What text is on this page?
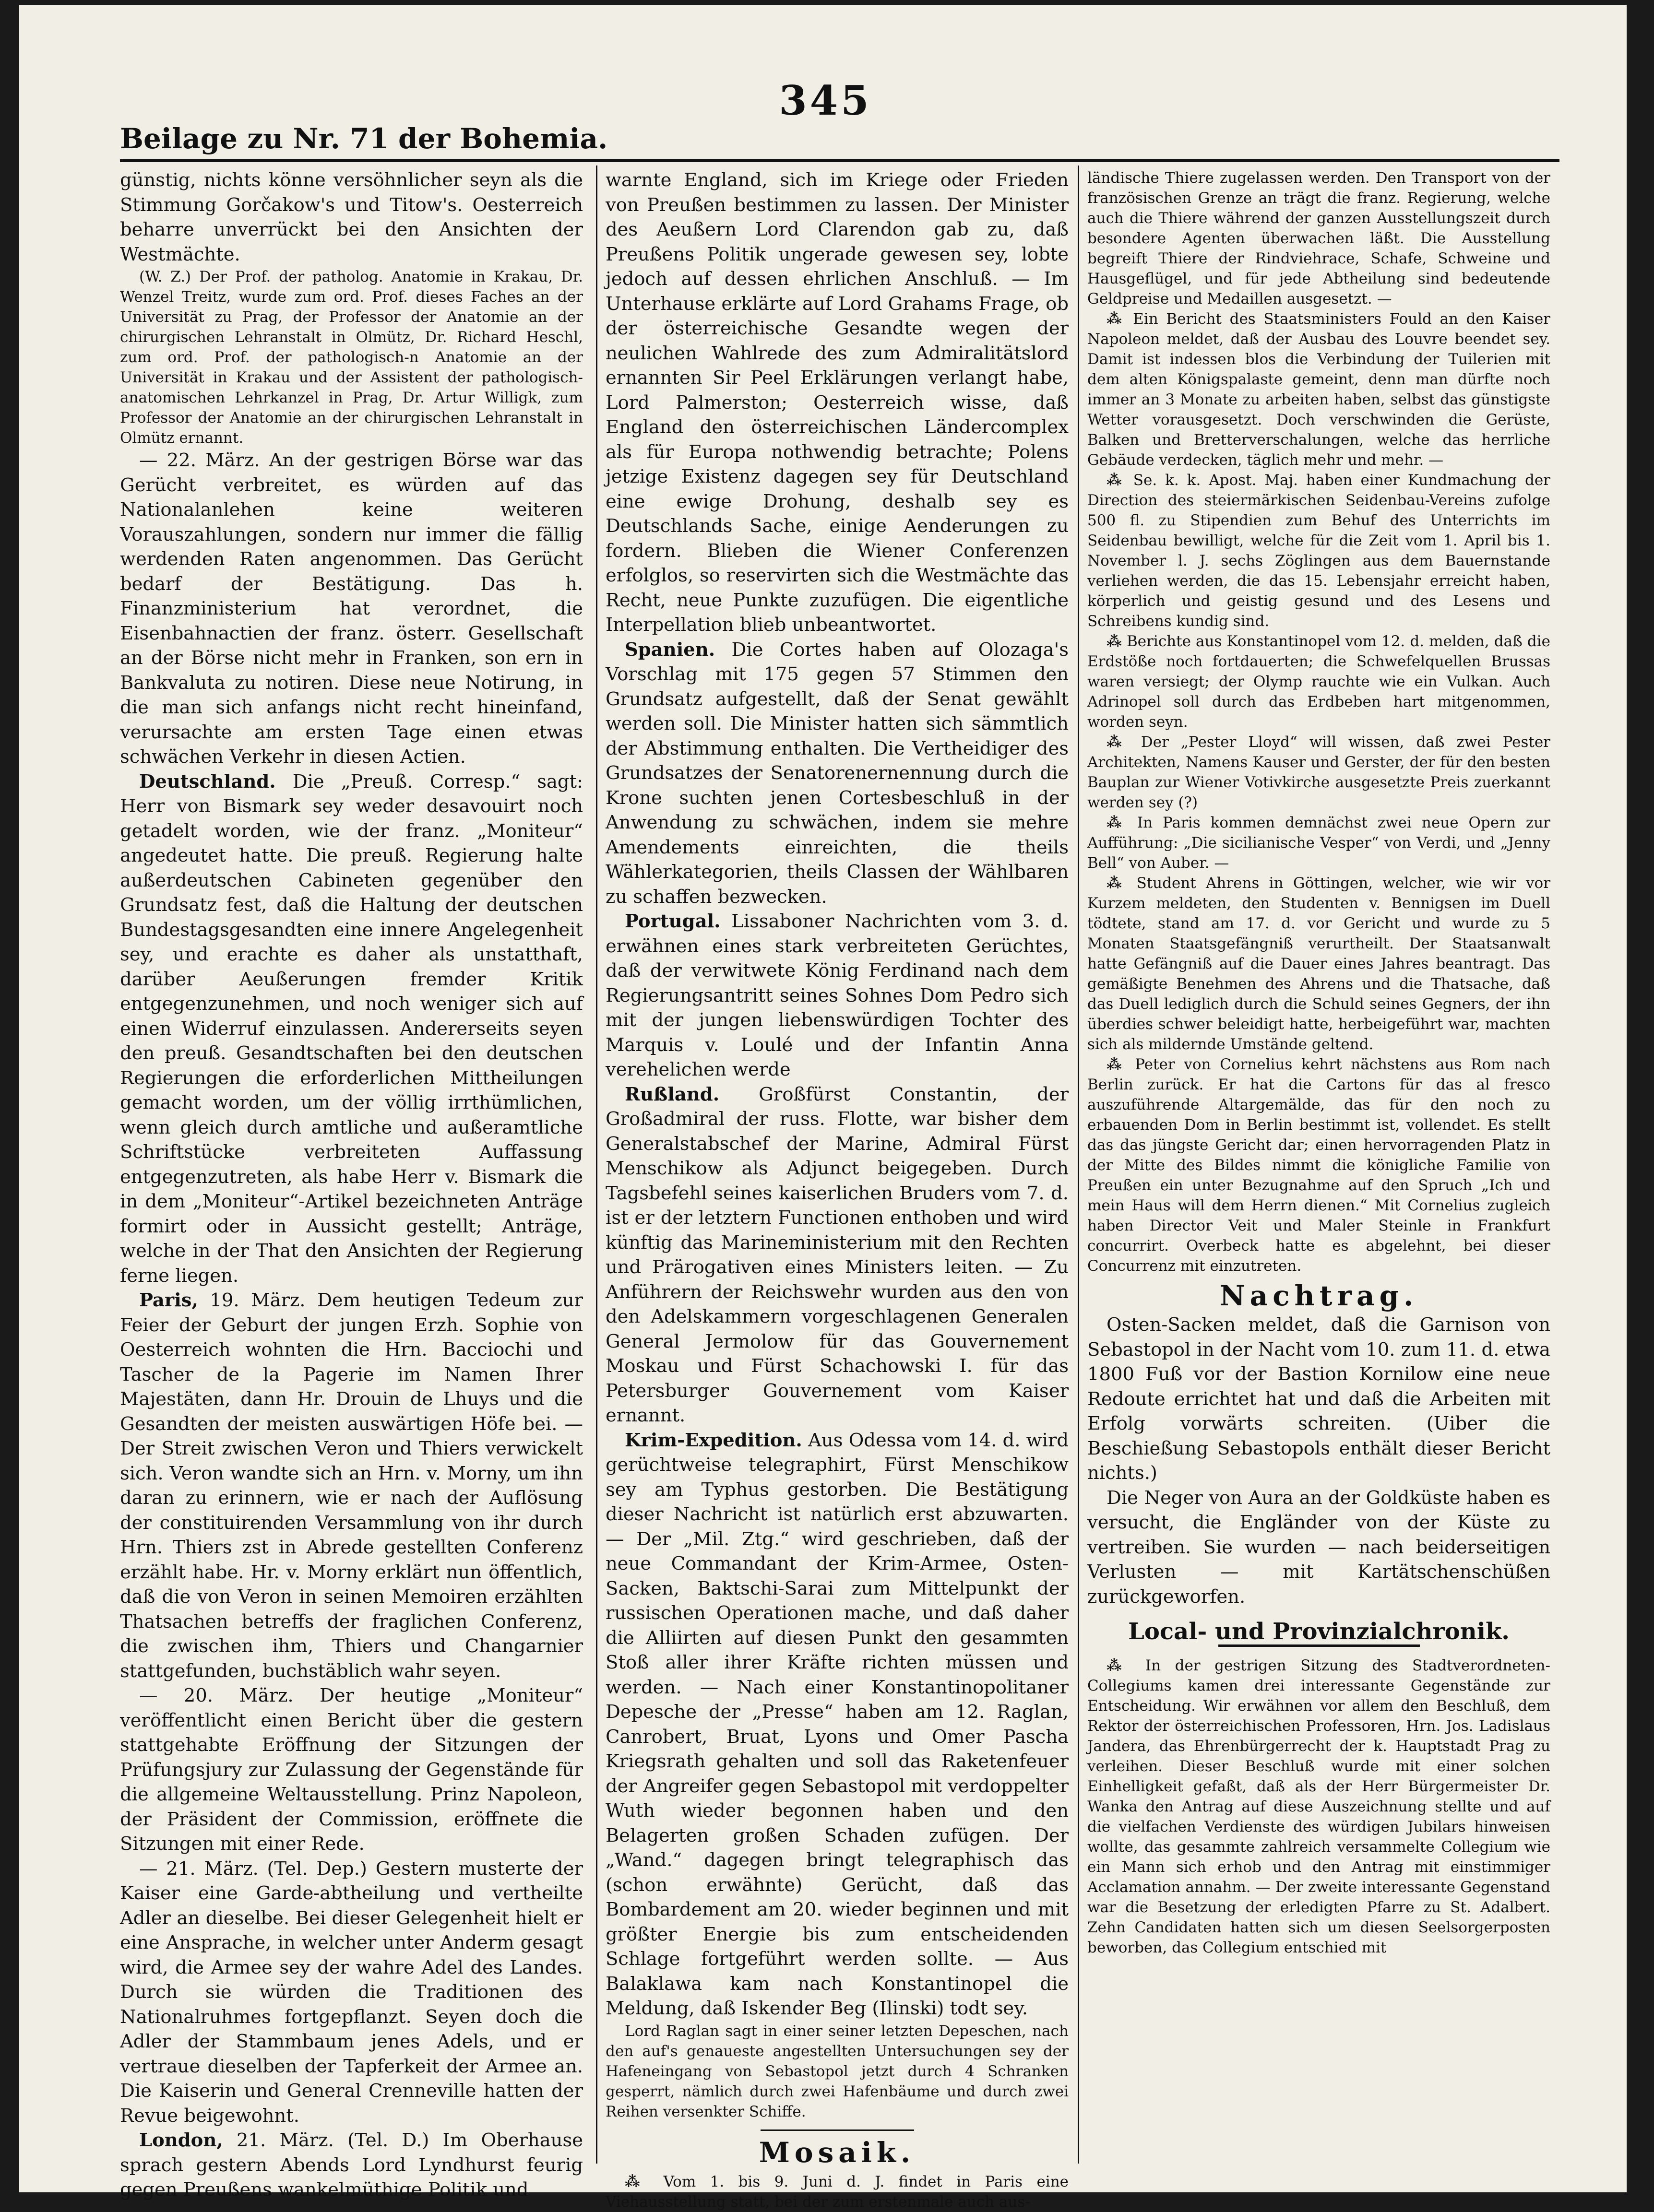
345
Beilage zu Nr. 71 der Bohemia.

günstig, nichts könne versöhnlicher seyn als die Stimmung Gorčakow's und Titow's. Oesterreich beharre unverrückt bei den Ansichten der Westmächte.

(W. Z.) Der Prof. der patholog. Anatomie in Krakau, Dr. Wenzel Treitz, wurde zum ord. Prof. dieses Faches an der Universität zu Prag, der Professor der Anatomie an der chirurgischen Lehranstalt in Olmütz, Dr. Richard Heschl, zum ord. Prof. der pathologisch-n Anatomie an der Universität in Krakau und der Assistent der pathologisch-anatomischen Lehrkanzel in Prag, Dr. Artur Willigk, zum Professor der Anatomie an der chirurgischen Lehranstalt in Olmütz ernannt.

— 22. März. An der gestrigen Börse war das Gerücht verbreitet, es würden auf das Nationalanlehen keine weiteren Vorauszahlungen, sondern nur immer die fällig werdenden Raten angenommen. Das Gerücht bedarf der Bestätigung. Das h. Finanzministerium hat verordnet, die Eisenbahnactien der franz. österr. Gesellschaft an der Börse nicht mehr in Franken, son ern in Bankvaluta zu notiren. Diese neue Notirung, in die man sich anfangs nicht recht hineinfand, verursachte am ersten Tage einen etwas schwächen Verkehr in diesen Actien.

Deutschland. Die „Preuß. Corresp.“ sagt: Herr von Bismark sey weder desavouirt noch getadelt worden, wie der franz. „Moniteur“ angedeutet hatte. Die preuß. Regierung halte außerdeutschen Cabineten gegenüber den Grundsatz fest, daß die Haltung der deutschen Bundestagsgesandten eine innere Angelegenheit sey, und erachte es daher als unstatthaft, darüber Aeußerungen fremder Kritik entgegenzunehmen, und noch weniger sich auf einen Widerruf einzulassen. Andererseits seyen den preuß. Gesandtschaften bei den deutschen Regierungen die erforderlichen Mittheilungen gemacht worden, um der völlig irrthümlichen, wenn gleich durch amtliche und außeramtliche Schriftstücke verbreiteten Auffassung entgegenzutreten, als habe Herr v. Bismark die in dem „Moniteur“-Artikel bezeichneten Anträge formirt oder in Aussicht gestellt; Anträge, welche in der That den Ansichten der Regierung ferne liegen.

Paris, 19. März. Dem heutigen Tedeum zur Feier der Geburt der jungen Erzh. Sophie von Oesterreich wohnten die Hrn. Bacciochi und Tascher de la Pagerie im Namen Ihrer Majestäten, dann Hr. Drouin de Lhuys und die Gesandten der meisten auswärtigen Höfe bei. — Der Streit zwischen Veron und Thiers verwickelt sich. Veron wandte sich an Hrn. v. Morny, um ihn daran zu erinnern, wie er nach der Auflösung der constituirenden Versammlung von ihr durch Hrn. Thiers zst in Abrede gestellten Conferenz erzählt habe. Hr. v. Morny erklärt nun öffentlich, daß die von Veron in seinen Memoiren erzählten Thatsachen betreffs der fraglichen Conferenz, die zwischen ihm, Thiers und Changarnier stattgefunden, buchstäblich wahr seyen.

— 20. März. Der heutige „Moniteur“ veröffentlicht einen Bericht über die gestern stattgehabte Eröffnung der Sitzungen der Prüfungsjury zur Zulassung der Gegenstände für die allgemeine Weltausstellung. Prinz Napoleon, der Präsident der Commission, eröffnete die Sitzungen mit einer Rede.

— 21. März. (Tel. Dep.) Gestern musterte der Kaiser eine Garde-abtheilung und vertheilte Adler an dieselbe. Bei dieser Gelegenheit hielt er eine Ansprache, in welcher unter Anderm gesagt wird, die Armee sey der wahre Adel des Landes. Durch sie würden die Traditionen des Nationalruhmes fortgepflanzt. Seyen doch die Adler der Stammbaum jenes Adels, und er vertraue dieselben der Tapferkeit der Armee an. Die Kaiserin und General Crenneville hatten der Revue beigewohnt.

London, 21. März. (Tel. D.) Im Oberhause sprach gestern Abends Lord Lyndhurst feurig gegen Preußens wankelmüthige Politik und

warnte England, sich im Kriege oder Frieden von Preußen bestimmen zu lassen. Der Minister des Aeußern Lord Clarendon gab zu, daß Preußens Politik ungerade gewesen sey, lobte jedoch auf dessen ehrlichen Anschluß. — Im Unterhause erklärte auf Lord Grahams Frage, ob der österreichische Gesandte wegen der neulichen Wahlrede des zum Admiralitätslord ernannten Sir Peel Erklärungen verlangt habe, Lord Palmerston; Oesterreich wisse, daß England den österreichischen Ländercomplex als für Europa nothwendig betrachte; Polens jetzige Existenz dagegen sey für Deutschland eine ewige Drohung, deshalb sey es Deutschlands Sache, einige Aenderungen zu fordern. Blieben die Wiener Conferenzen erfolglos, so reservirten sich die Westmächte das Recht, neue Punkte zuzufügen. Die eigentliche Interpellation blieb unbeantwortet.

Spanien. Die Cortes haben auf Olozaga's Vorschlag mit 175 gegen 57 Stimmen den Grundsatz aufgestellt, daß der Senat gewählt werden soll. Die Minister hatten sich sämmtlich der Abstimmung enthalten. Die Vertheidiger des Grundsatzes der Senatorenernennung durch die Krone suchten jenen Cortesbeschluß in der Anwendung zu schwächen, indem sie mehre Amendements einreichten, die theils Wählerkategorien, theils Classen der Wählbaren zu schaffen bezwecken.

Portugal. Lissaboner Nachrichten vom 3. d. erwähnen eines stark verbreiteten Gerüchtes, daß der verwitwete König Ferdinand nach dem Regierungsantritt seines Sohnes Dom Pedro sich mit der jungen liebenswürdigen Tochter des Marquis v. Loulé und der Infantin Anna verehelichen werde

Rußland. Großfürst Constantin, der Großadmiral der russ. Flotte, war bisher dem Generalstabschef der Marine, Admiral Fürst Menschikow als Adjunct beigegeben. Durch Tagsbefehl seines kaiserlichen Bruders vom 7. d. ist er der letztern Functionen enthoben und wird künftig das Marineministerium mit den Rechten und Prärogativen eines Ministers leiten. — Zu Anführern der Reichswehr wurden aus den von den Adelskammern vorgeschlagenen Generalen General Jermolow für das Gouvernement Moskau und Fürst Schachowski I. für das Petersburger Gouvernement vom Kaiser ernannt.

Krim-Expedition. Aus Odessa vom 14. d. wird gerüchtweise telegraphirt, Fürst Menschikow sey am Typhus gestorben. Die Bestätigung dieser Nachricht ist natürlich erst abzuwarten. — Der „Mil. Ztg.“ wird geschrieben, daß der neue Commandant der Krim-Armee, Osten-Sacken, Baktschi-Sarai zum Mittelpunkt der russischen Operationen mache, und daß daher die Alliirten auf diesen Punkt den gesammten Stoß aller ihrer Kräfte richten müssen und werden. — Nach einer Konstantinopolitaner Depesche der „Presse“ haben am 12. Raglan, Canrobert, Bruat, Lyons und Omer Pascha Kriegsrath gehalten und soll das Raketenfeuer der Angreifer gegen Sebastopol mit verdoppelter Wuth wieder begonnen haben und den Belagerten großen Schaden zufügen. Der „Wand.“ dagegen bringt telegraphisch das (schon erwähnte) Gerücht, daß das Bombardement am 20. wieder beginnen und mit größter Energie bis zum entscheidenden Schlage fortgeführt werden sollte. — Aus Balaklawa kam nach Konstantinopel die Meldung, daß Iskender Beg (Ilinski) todt sey.

Lord Raglan sagt in einer seiner letzten Depeschen, nach den auf's genaueste angestellten Untersuchungen sey der Hafeneingang von Sebastopol jetzt durch 4 Schranken gesperrt, nämlich durch zwei Hafenbäume und durch zwei Reihen versenkter Schiffe.

Mosaik.

⁂ Vom 1. bis 9. Juni d. J. findet in Paris eine Viehausstellung statt, bei der zum erstenmale auch aus-

ländische Thiere zugelassen werden. Den Transport von der französischen Grenze an trägt die franz. Regierung, welche auch die Thiere während der ganzen Ausstellungszeit durch besondere Agenten überwachen läßt. Die Ausstellung begreift Thiere der Rindviehrace, Schafe, Schweine und Hausgeflügel, und für jede Abtheilung sind bedeutende Geldpreise und Medaillen ausgesetzt. —

⁂ Ein Bericht des Staatsministers Fould an den Kaiser Napoleon meldet, daß der Ausbau des Louvre beendet sey. Damit ist indessen blos die Verbindung der Tuilerien mit dem alten Königspalaste gemeint, denn man dürfte noch immer an 3 Monate zu arbeiten haben, selbst das günstigste Wetter vorausgesetzt. Doch verschwinden die Gerüste, Balken und Bretterverschalungen, welche das herrliche Gebäude verdecken, täglich mehr und mehr. —

⁂ Se. k. k. Apost. Maj. haben einer Kundmachung der Direction des steiermärkischen Seidenbau-Vereins zufolge 500 fl. zu Stipendien zum Behuf des Unterrichts im Seidenbau bewilligt, welche für die Zeit vom 1. April bis 1. November l. J. sechs Zöglingen aus dem Bauernstande verliehen werden, die das 15. Lebensjahr erreicht haben, körperlich und geistig gesund und des Lesens und Schreibens kundig sind.

⁂ Berichte aus Konstantinopel vom 12. d. melden, daß die Erdstöße noch fortdauerten; die Schwefelquellen Brussas waren versiegt; der Olymp rauchte wie ein Vulkan. Auch Adrinopel soll durch das Erdbeben hart mitgenommen, worden seyn.

⁂ Der „Pester Lloyd“ will wissen, daß zwei Pester Architekten, Namens Kauser und Gerster, der für den besten Bauplan zur Wiener Votivkirche ausgesetzte Preis zuerkannt werden sey (?)

⁂ In Paris kommen demnächst zwei neue Opern zur Aufführung: „Die sicilianische Vesper“ von Verdi, und „Jenny Bell“ von Auber. —

⁂ Student Ahrens in Göttingen, welcher, wie wir vor Kurzem meldeten, den Studenten v. Bennigsen im Duell tödtete, stand am 17. d. vor Gericht und wurde zu 5 Monaten Staatsgefängniß verurtheilt. Der Staatsanwalt hatte Gefängniß auf die Dauer eines Jahres beantragt. Das gemäßigte Benehmen des Ahrens und die Thatsache, daß das Duell lediglich durch die Schuld seines Gegners, der ihn überdies schwer beleidigt hatte, herbeigeführt war, machten sich als mildernde Umstände geltend.

⁂ Peter von Cornelius kehrt nächstens aus Rom nach Berlin zurück. Er hat die Cartons für das al fresco auszuführende Altargemälde, das für den noch zu erbauenden Dom in Berlin bestimmt ist, vollendet. Es stellt das das jüngste Gericht dar; einen hervorragenden Platz in der Mitte des Bildes nimmt die königliche Familie von Preußen ein unter Bezugnahme auf den Spruch „Ich und mein Haus will dem Herrn dienen.“ Mit Cornelius zugleich haben Director Veit und Maler Steinle in Frankfurt concurrirt. Overbeck hatte es abgelehnt, bei dieser Concurrenz mit einzutreten.

Nachtrag.

Osten-Sacken meldet, daß die Garnison von Sebastopol in der Nacht vom 10. zum 11. d. etwa 1800 Fuß vor der Bastion Kornilow eine neue Redoute errichtet hat und daß die Arbeiten mit Erfolg vorwärts schreiten. (Uiber die Beschießung Sebastopols enthält dieser Bericht nichts.)

Die Neger von Aura an der Goldküste haben es versucht, die Engländer von der Küste zu vertreiben. Sie wurden — nach beiderseitigen Verlusten — mit Kartätschenschüßen zurückgeworfen.

Local- und Provinzialchronik.

⁂ In der gestrigen Sitzung des Stadtverordneten-Collegiums kamen drei interessante Gegenstände zur Entscheidung. Wir erwähnen vor allem den Beschluß, dem Rektor der österreichischen Professoren, Hrn. Jos. Ladislaus Jandera, das Ehrenbürgerrecht der k. Hauptstadt Prag zu verleihen. Dieser Beschluß wurde mit einer solchen Einhelligkeit gefaßt, daß als der Herr Bürgermeister Dr. Wanka den Antrag auf diese Auszeichnung stellte und auf die vielfachen Verdienste des würdigen Jubilars hinweisen wollte, das gesammte zahlreich versammelte Collegium wie ein Mann sich erhob und den Antrag mit einstimmiger Acclamation annahm. — Der zweite interessante Gegenstand war die Besetzung der erledigten Pfarre zu St. Adalbert. Zehn Candidaten hatten sich um diesen Seelsorgerposten beworben, das Collegium entschied mit
